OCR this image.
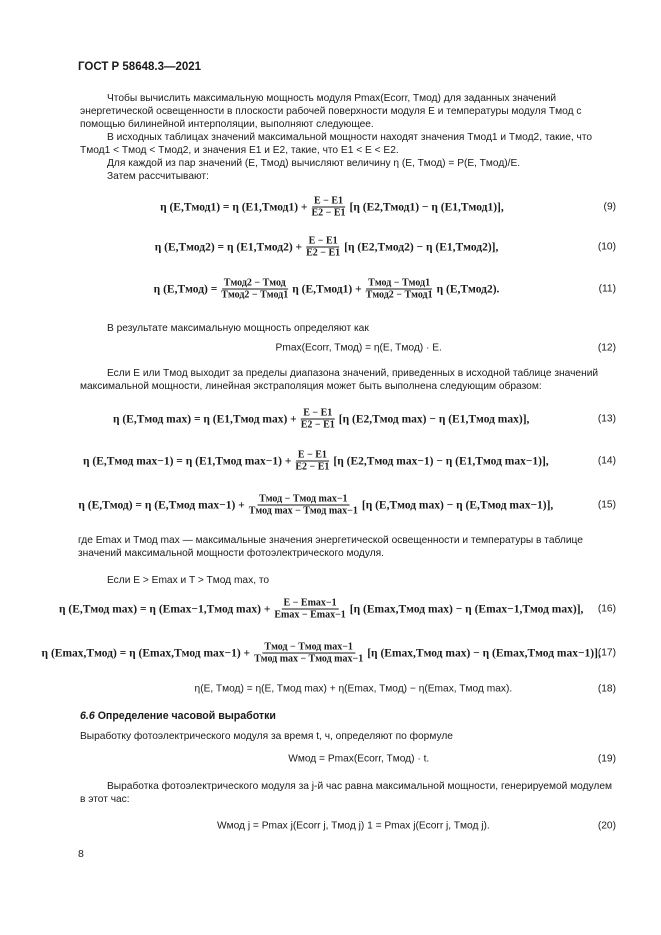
ГОСТ Р 58648.3—2021

Чтобы вычислить максимальную мощность модуля Pmax(Ecorr, Tмод) для заданных значений энергетической освещенности в плоскости рабочей поверхности модуля E и температуры модуля Tмод с помощью билинейной интерполяции, выполняют следующее.

В исходных таблицах значений максимальной мощности находят значения Tмод1 и Tмод2, такие, что Tмод1 < Tмод < Tмод2, и значения E1 и E2, такие, что E1 < E < E2.

Для каждой из пар значений (E, Tмод) вычисляют величину η (E, Tмод) = P(E, Tмод)/E.

Затем рассчитывают:

η (E,Tмод1) = η (E1,Tмод1) + $\frac{E - E1}{E2 - E1} [\eta$ (E2,Tмод1) − η (E1,Tмод1)],	(9)
η (E,Tмод2) = η (E1,Tмод2) + $\frac{E - E1}{E2 - E1} [\eta$ (E2,Tмод2) − η (E1,Tмод2)],	(10)
η (E,Tмод) = $\frac{\text{Tмод2 − Tмод}}{\text{Tмод2 − Tмод1}}$ η (E,Tмод1) + $\frac{\text{Tмод − Tмод1}}{\text{Tмод2 − Tмод1}}$ η (E,Tмод2).	(11)

В результате максимальную мощность определяют как

Pmax(Ecorr, Tмод) = η(E, Tмод) · E.	(12)

Если E или Tмод выходит за пределы диапазона значений, приведенных в исходной таблице значений максимальной мощности, линейная экстраполяция может быть выполнена следующим образом:

η (E,Tмод max) = η (E1,Tмод $\max) + \frac{E - E1}{E2 - E1} [\eta$ (E2,Tмод max) − η (E1,Tмод max)],	(13)
η (E,Tмод max−1) = η (E1,Tмод $\max-1) + \frac{E - E1}{E2 - E1} [\eta$ (E2,Tмод max−1) − η (E1,Tмод max−1)],	(14)
η (E,Tмод) = η (E,Tмод $\max-1) + \frac{\text{Tмод − Tмод max−1}}{\text{Tмод max − Tмод max−1}} [\eta$ (E,Tмод max) − η (E,Tмод max−1)],	(15)
где Emax и Tмод max — максимальные значения энергетической освещенности и температуры в таблице значений максимальной мощности фотоэлектрического модуля.

Если E > Emax и T > Tмод max, то

η (E,Tмод max) = η (Emax−1,Tмод $\max) + \frac{E - Emax-1}{Emax - Emax-1} [\eta$ (Emax,Tмод max) − η (Emax−1,Tмод max)], (16)
η (Emax,Tмод) = η (Emax,Tмод $\max-1) + \frac{\text{Tмод − Tмод max−1}}{\text{Tмод max − Tмод max−1}} [\eta$ (Emax,Tмод max) − η (Emax,Tмод max−1)],
(17)
η(E, Tмод) = η(E, Tмод max) + η(Emax, Tмод) − η(Emax, Tмод max).	(18)
6.6 Определение часовой выработки

Выработку фотоэлектрического модуля за время t, ч, определяют по формуле

Wмод = Pmax(Ecorr, Tмод) · t.	(19)

Выработка фотоэлектрического модуля за j-й час равна максимальной мощности, генерируемой модулем в этот час:

Wмод j = Pmax j(Ecorr j, Tмод j) 1 = Pmax j(Ecorr j, Tмод j).	(20)
8
